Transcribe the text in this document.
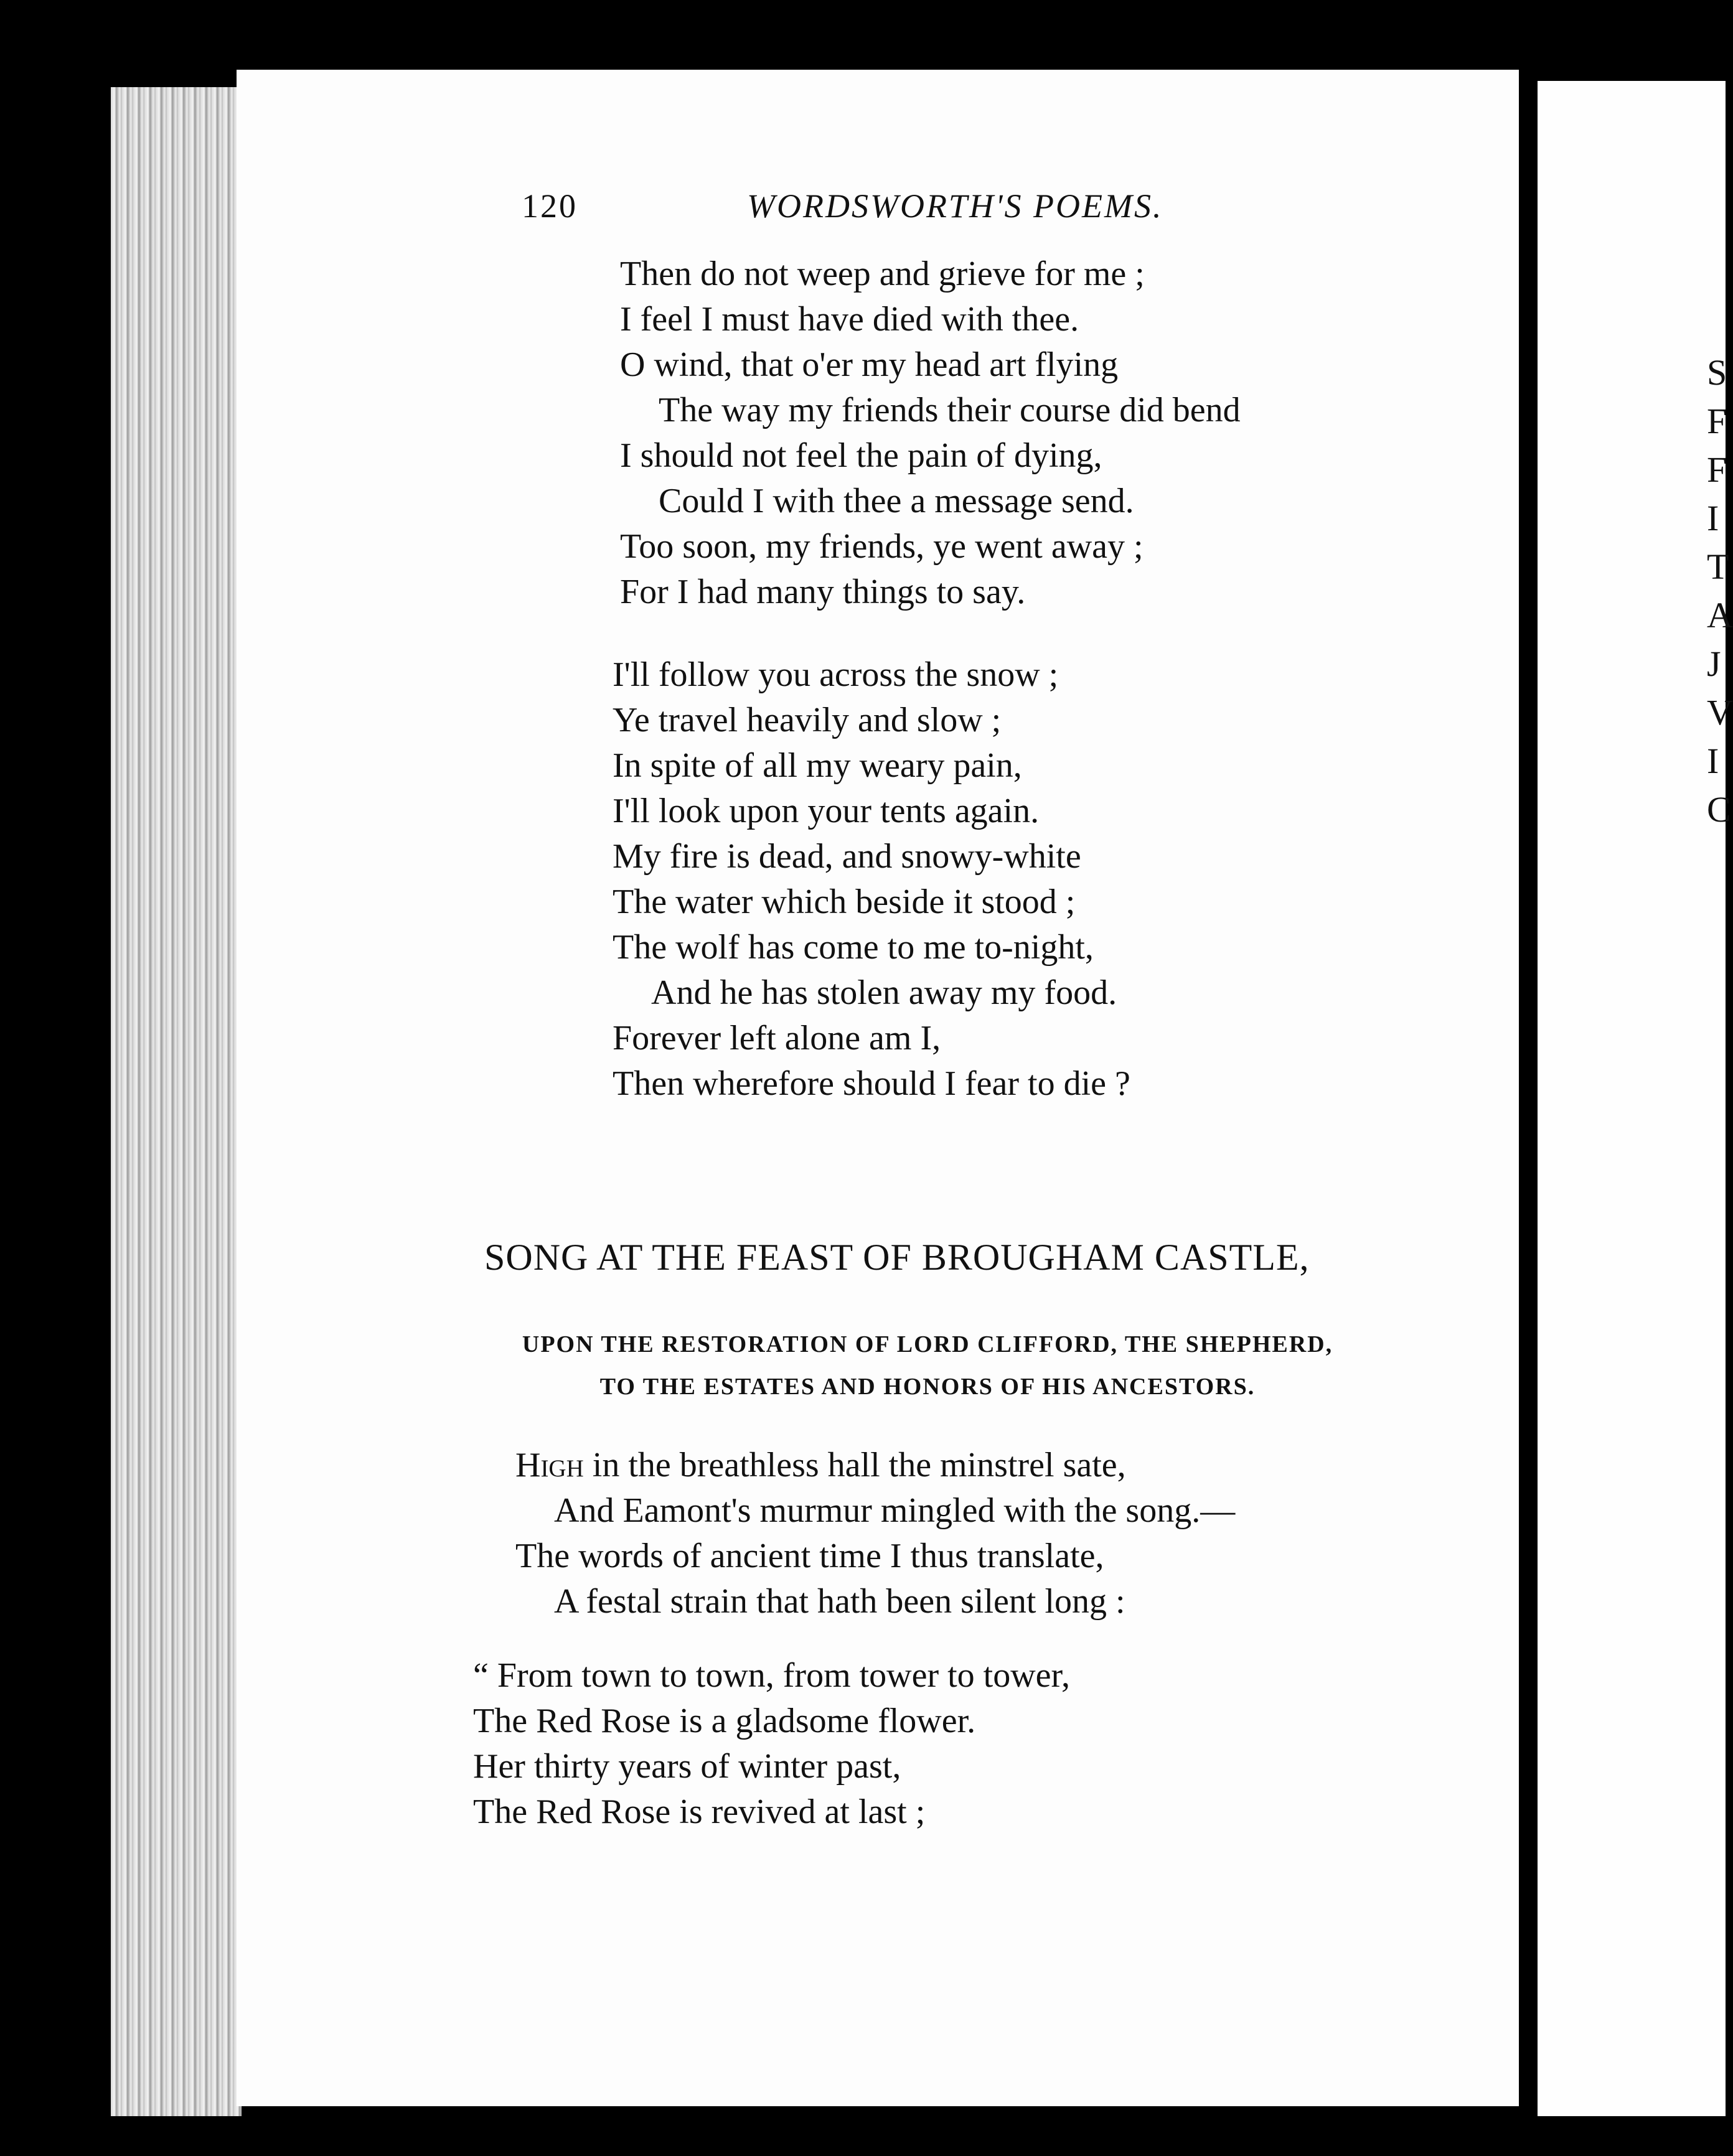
S
F
F
I
T
A
J
V
I
C
120	WORDSWORTH'S POEMS.
Then do not weep and grieve for me ;
I feel I must have died with thee.
O wind, that o'er my head art flying
The way my friends their course did bend
I should not feel the pain of dying,
Could I with thee a message send.
Too soon, my friends, ye went away ;
For I had many things to say.
I'll follow you across the snow ;
Ye travel heavily and slow ;
In spite of all my weary pain,
I'll look upon your tents again.
My fire is dead, and snowy-white
The water which beside it stood ;
The wolf has come to me to-night,
And he has stolen away my food.
Forever left alone am I,
Then wherefore should I fear to die ?
SONG AT THE FEAST OF BROUGHAM CASTLE,
UPON THE RESTORATION OF LORD CLIFFORD, THE SHEPHERD,
TO THE ESTATES AND HONORS OF HIS ANCESTORS.
High in the breathless hall the minstrel sate,
And Eamont's murmur mingled with the song.—
The words of ancient time I thus translate,
A festal strain that hath been silent long :
“ From town to town, from tower to tower,
The Red Rose is a gladsome flower.
Her thirty years of winter past,
The Red Rose is revived at last ;
